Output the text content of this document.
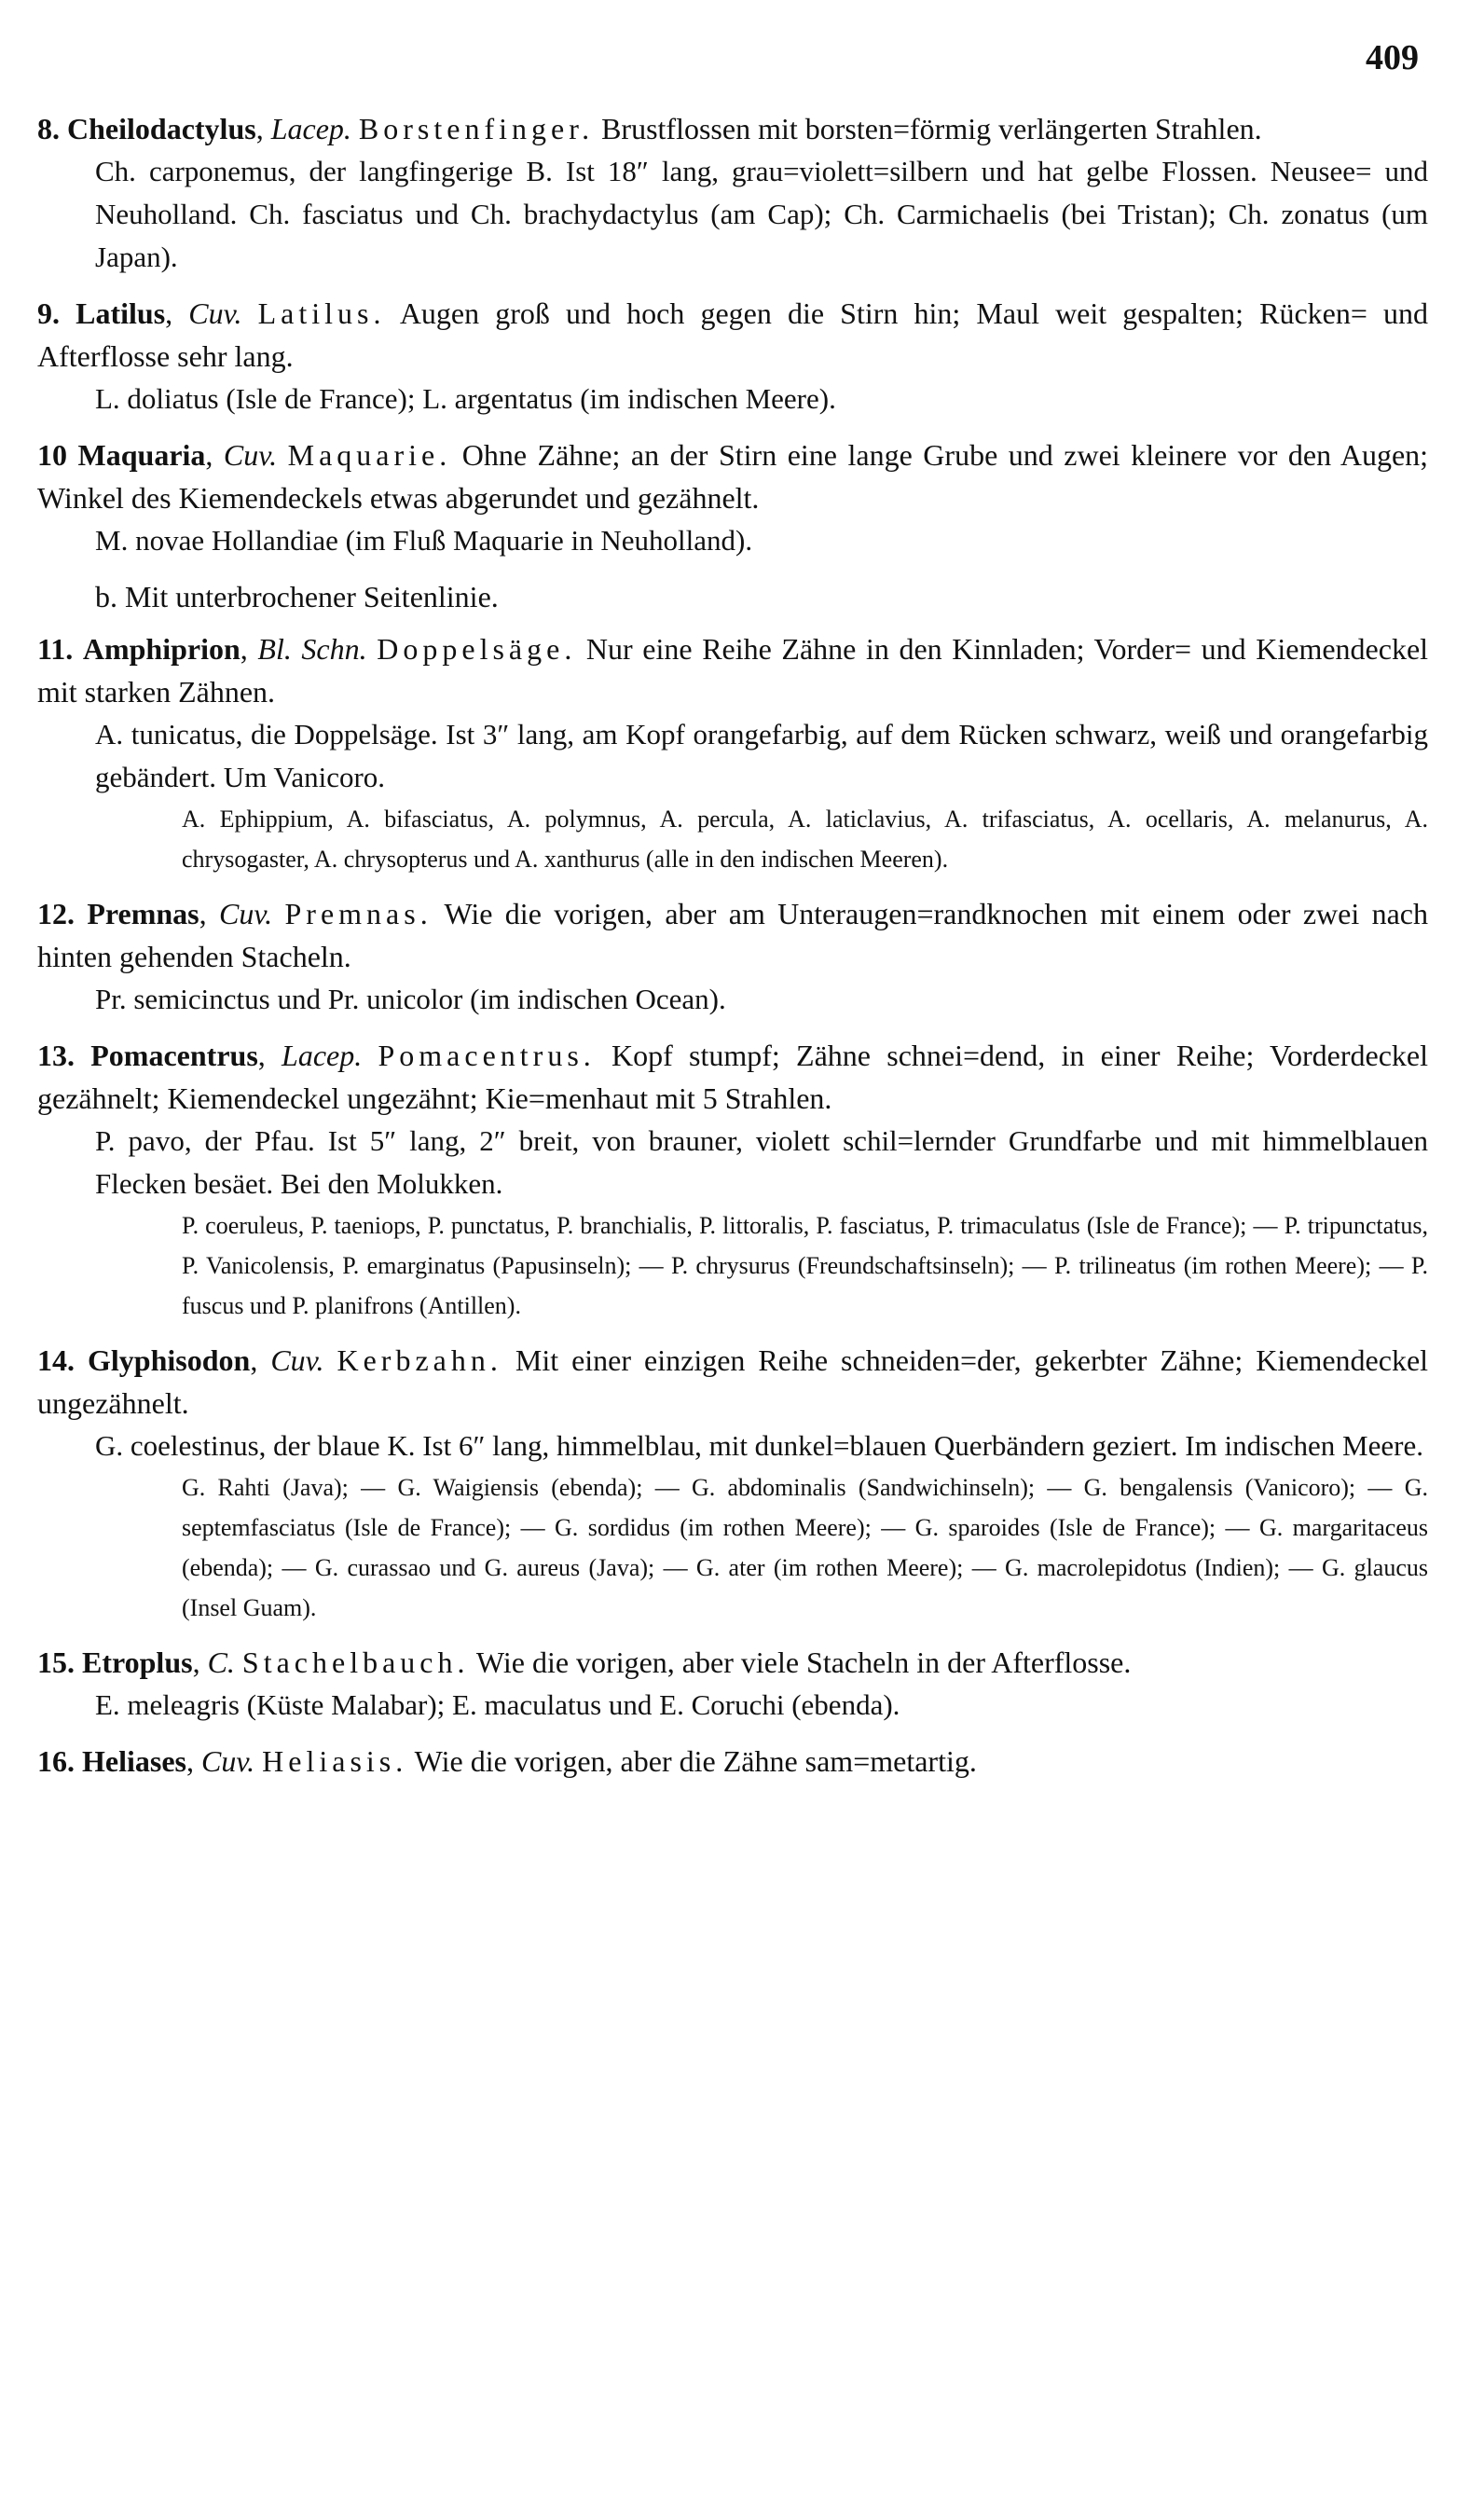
409
8. Cheilodactylus, Lacep. Borstenfinger. Brustflossen mit borsten=förmig verlängerten Strahlen.
Ch. carponemus, der langfingerige B. Ist 18″ lang, grau=violett=silbern und hat gelbe Flossen. Neusee= und Neuholland. Ch. fasciatus und Ch. brachydactylus (am Cap); Ch. Carmichaelis (bei Tristan); Ch. zonatus (um Japan).
9. Latilus, Cuv. Latilus. Augen groß und hoch gegen die Stirn hin; Maul weit gespalten; Rücken= und Afterflosse sehr lang.
L. doliatus (Isle de France); L. argentatus (im indischen Meere).
10 Maquaria, Cuv. Maquarie. Ohne Zähne; an der Stirn eine lange Grube und zwei kleinere vor den Augen; Winkel des Kiemendeckels etwas abgerundet und gezähnelt.
M. novae Hollandiae (im Fluß Maquarie in Neuholland).
b. Mit unterbrochener Seitenlinie.
11. Amphiprion, Bl. Schn. Doppelsäge. Nur eine Reihe Zähne in den Kinnladen; Vorder= und Kiemendeckel mit starken Zähnen.
A. tunicatus, die Doppelsäge. Ist 3″ lang, am Kopf orangefarbig, auf dem Rücken schwarz, weiß und orangefarbig gebändert. Um Vanicoro.
A. Ephippium, A. bifasciatus, A. polymnus, A. percula, A. laticlavius, A. trifasciatus, A. ocellaris, A. melanurus, A. chrysogaster, A. chrysopterus und A. xanthurus (alle in den indischen Meeren).
12. Premnas, Cuv. Premnas. Wie die vorigen, aber am Unteraugen=randknochen mit einem oder zwei nach hinten gehenden Stacheln.
Pr. semicinctus und Pr. unicolor (im indischen Ocean).
13. Pomacentrus, Lacep. Pomacentrus. Kopf stumpf; Zähne schnei=dend, in einer Reihe; Vorderdeckel gezähnelt; Kiemendeckel ungezähnt; Kie=menhaut mit 5 Strahlen.
P. pavo, der Pfau. Ist 5″ lang, 2″ breit, von brauner, violett schil=lernder Grundfarbe und mit himmelblauen Flecken besäet. Bei den Molukken.
P. coeruleus, P. taeniops, P. punctatus, P. branchialis, P. littoralis, P. fasciatus, P. trimaculatus (Isle de France); — P. tripunctatus, P. Vanicolensis, P. emarginatus (Papusinseln); — P. chrysurus (Freundschaftsinseln); — P. trilineatus (im rothen Meere); — P. fuscus und P. planifrons (Antillen).
14. Glyphisodon, Cuv. Kerbzahn. Mit einer einzigen Reihe schneiden=der, gekerbter Zähne; Kiemendeckel ungezähnelt.
G. coelestinus, der blaue K. Ist 6″ lang, himmelblau, mit dunkel=blauen Querbändern geziert. Im indischen Meere.
G. Rahti (Java); — G. Waigiensis (ebenda); — G. abdominalis (Sandwichinseln); — G. bengalensis (Vanicoro); — G. septemfasciatus (Isle de France); — G. sordidus (im rothen Meere); — G. sparoides (Isle de France); — G. margaritaceus (ebenda); — G. curassao und G. aureus (Java); — G. ater (im rothen Meere); — G. macrolepidotus (Indien); — G. glaucus (Insel Guam).
15. Etroplus, C. Stachelbauch. Wie die vorigen, aber viele Stacheln in der Afterflosse.
E. meleagris (Küste Malabar); E. maculatus und E. Coruchi (ebenda).
16. Heliases, Cuv. Heliasis. Wie die vorigen, aber die Zähne sam=metartig.
